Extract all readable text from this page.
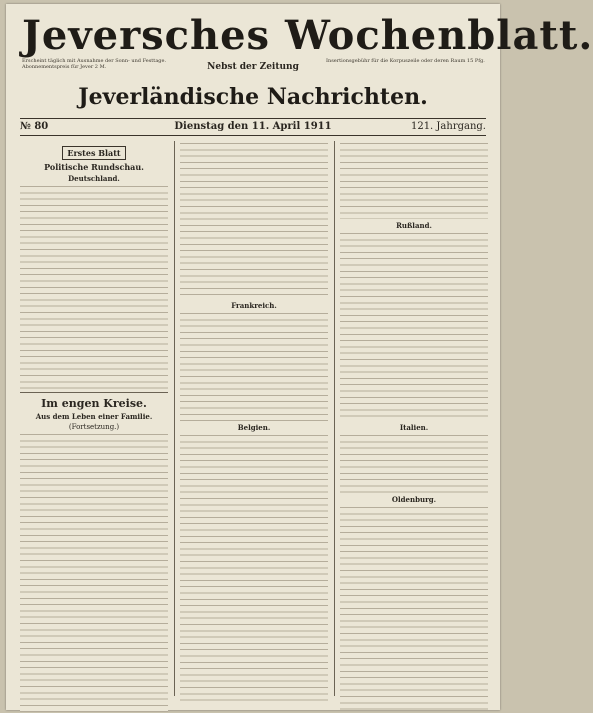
Jeversches Wochenblatt.
Erscheint täglich mit Ausnahme der Sonn- und Festtage. Abonnementspreis für Jever 2 M.	Nebst der Zeitung
Insertionsgebühr für die Korpuszeile oder deren Raum 15 Pfg.
Jeverländische Nachrichten.
№ 80	Dienstag den 11. April 1911	121. Jahrgang.
Erstes Blatt
Politische Rundschau.
Deutschland.
Im engen Kreise.
Aus dem Leben einer Familie.
(Fortsetzung.)
Frankreich.
Belgien.
Rußland.
Italien.
Oldenburg.
